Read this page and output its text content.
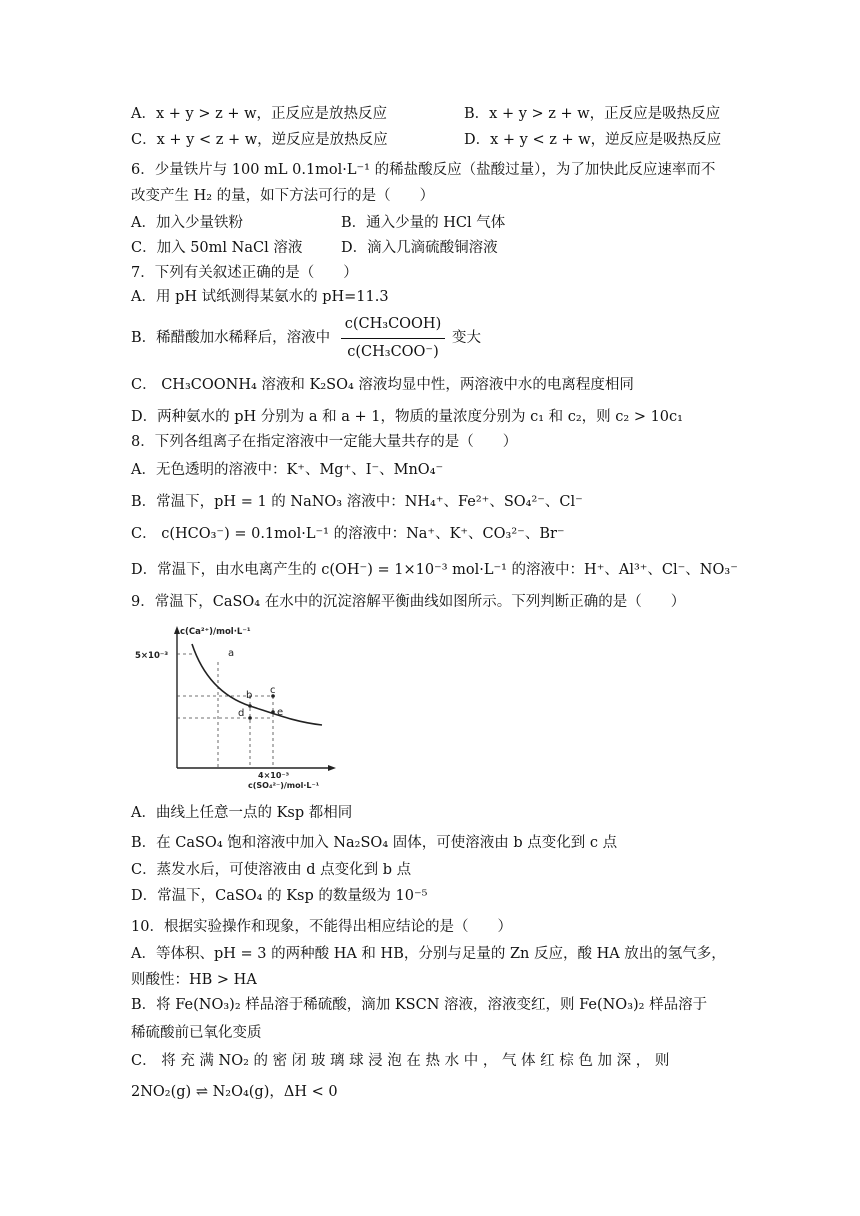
A．x + y > z + w，正反应是放热反应	B．x + y > z + w，正反应是吸热反应
C．x + y < z + w，逆反应是放热反应	D．x + y < z + w，逆反应是吸热反应
6．少量铁片与 100 mL 0.1mol·L⁻¹ 的稀盐酸反应（盐酸过量），为了加快此反应速率而不
改变产生 H₂ 的量，如下方法可行的是（　　）
A．加入少量铁粉	B．通入少量的 HCl 气体
C．加入 50ml NaCl 溶液	D．滴入几滴硫酸铜溶液
7．下列有关叙述正确的是（　　）
A．用 pH 试纸测得某氨水的 pH=11.3
B．稀醋酸加水稀释后，溶液中
c(CH₃COOH)
c(CH₃COO⁻)
变大
C． CH₃COONH₄ 溶液和 K₂SO₄ 溶液均显中性，两溶液中水的电离程度相同
D．两种氨水的 pH 分别为 a 和 a + 1，物质的量浓度分别为 c₁ 和 c₂，则 c₂ > 10c₁
8．下列各组离子在指定溶液中一定能大量共存的是（　　）
A．无色透明的溶液中：K⁺、Mg⁺、I⁻、MnO₄⁻
B．常温下，pH = 1 的 NaNO₃ 溶液中：NH₄⁺、Fe²⁺、SO₄²⁻、Cl⁻
C． c(HCO₃⁻) = 0.1mol·L⁻¹ 的溶液中：Na⁺、K⁺、CO₃²⁻、Br⁻
D．常温下，由水电离产生的 c(OH⁻) = 1×10⁻³ mol·L⁻¹ 的溶液中：H⁺、Al³⁺、Cl⁻、NO₃⁻
9．常温下，CaSO₄ 在水中的沉淀溶解平衡曲线如图所示。下列判断正确的是（　　）
c(Ca²⁺)/mol·L⁻¹
5×10⁻³
4×10⁻³
c(SO₄²⁻)/mol·L⁻¹
a
b c
d	e
A．曲线上任意一点的 Ksp 都相同
B．在 CaSO₄ 饱和溶液中加入 Na₂SO₄ 固体，可使溶液由 b 点变化到 c 点
C．蒸发水后，可使溶液由 d 点变化到 b 点
D．常温下，CaSO₄ 的 Ksp 的数量级为 10⁻⁵
10．根据实验操作和现象，不能得出相应结论的是（　　）
A．等体积、pH = 3 的两种酸 HA 和 HB，分别与足量的 Zn 反应，酸 HA 放出的氢气多，
则酸性：HB > HA
B．将 Fe(NO₃)₂ 样品溶于稀硫酸，滴加 KSCN 溶液，溶液变红，则 Fe(NO₃)₂ 样品溶于
稀硫酸前已氧化变质
C． 将 充 满 NO₂ 的 密 闭 玻 璃 球 浸 泡 在 热 水 中 ， 气 体 红 棕 色 加 深 ， 则
2NO₂(g) ⇌ N₂O₄(g)，ΔH < 0
